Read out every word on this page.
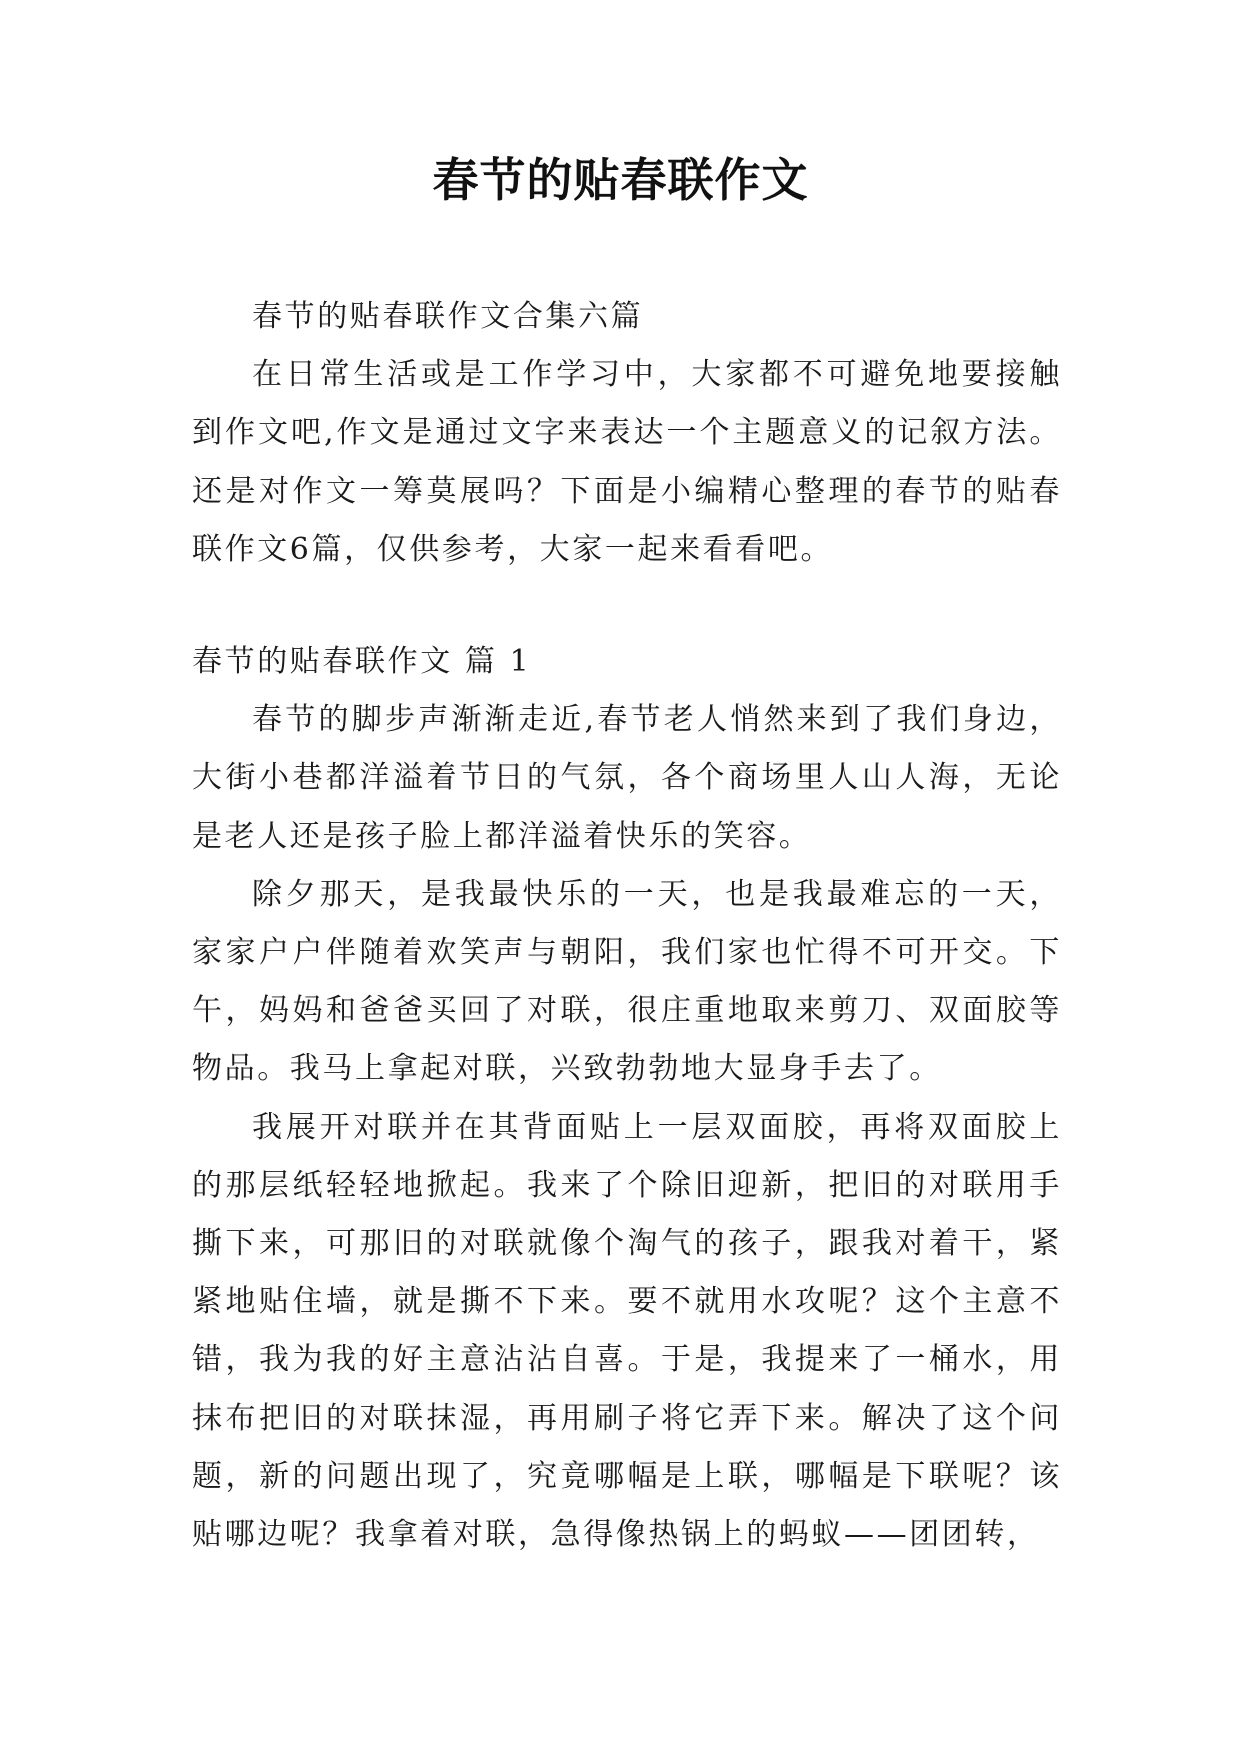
春节的贴春联作文

春节的贴春联作文合集六篇

在日常生活或是工作学习中，大家都不可避免地要接触到作文吧,作文是通过文字来表达一个主题意义的记叙方法。还是对作文一筹莫展吗？下面是小编精心整理的春节的贴春联作文6篇，仅供参考，大家一起来看看吧。

春节的贴春联作文 篇 1

春节的脚步声渐渐走近,春节老人悄然来到了我们身边，大街小巷都洋溢着节日的气氛，各个商场里人山人海，无论是老人还是孩子脸上都洋溢着快乐的笑容。

除夕那天，是我最快乐的一天，也是我最难忘的一天，家家户户伴随着欢笑声与朝阳，我们家也忙得不可开交。下午，妈妈和爸爸买回了对联，很庄重地取来剪刀、双面胶等物品。我马上拿起对联，兴致勃勃地大显身手去了。

我展开对联并在其背面贴上一层双面胶，再将双面胶上的那层纸轻轻地掀起。我来了个除旧迎新，把旧的对联用手撕下来，可那旧的对联就像个淘气的孩子，跟我对着干，紧紧地贴住墙，就是撕不下来。要不就用水攻呢？这个主意不错，我为我的好主意沾沾自喜。于是，我提来了一桶水，用抹布把旧的对联抹湿，再用刷子将它弄下来。解决了这个问题，新的问题出现了，究竟哪幅是上联，哪幅是下联呢？该贴哪边呢？我拿着对联，急得像热锅上的蚂蚁——团团转，
